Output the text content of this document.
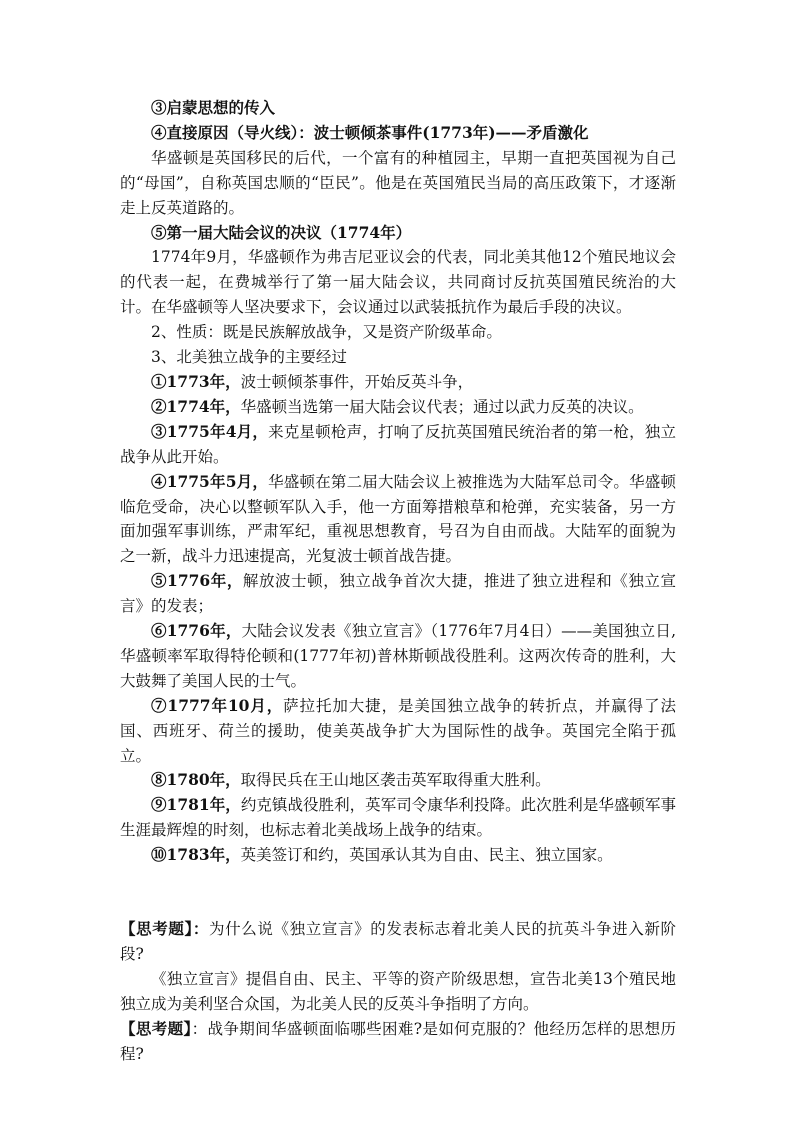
③启蒙思想的传入

④直接原因（导火线）：波士顿倾茶事件(1773年)——矛盾激化

华盛顿是英国移民的后代，一个富有的种植园主，早期一直把英国视为自己的“母国”，自称英国忠顺的“臣民”。他是在英国殖民当局的高压政策下，才逐渐走上反英道路的。

⑤第一届大陆会议的决议（1774年）

1774年9月，华盛顿作为弗吉尼亚议会的代表，同北美其他12个殖民地议会的代表一起，在费城举行了第一届大陆会议，共同商讨反抗英国殖民统治的大计。在华盛顿等人坚决要求下，会议通过以武装抵抗作为最后手段的决议。

2、性质：既是民族解放战争，又是资产阶级革命。

3、北美独立战争的主要经过

①1773年，波士顿倾茶事件，开始反英斗争，

②1774年，华盛顿当选第一届大陆会议代表；通过以武力反英的决议。

③1775年4月，来克星顿枪声，打响了反抗英国殖民统治者的第一枪，独立战争从此开始。

④1775年5月，华盛顿在第二届大陆会议上被推选为大陆军总司令。华盛顿临危受命，决心以整顿军队入手，他一方面筹措粮草和枪弹，充实装备，另一方面加强军事训练，严肃军纪，重视思想教育，号召为自由而战。大陆军的面貌为之一新，战斗力迅速提高，光复波士顿首战告捷。

⑤1776年，解放波士顿，独立战争首次大捷，推进了独立进程和《独立宣言》的发表；

⑥1776年，大陆会议发表《独立宣言》（1776年7月4日）——美国独立日,华盛顿率军取得特伦顿和(1777年初)普林斯顿战役胜利。这两次传奇的胜利，大大鼓舞了美国人民的士气。

⑦1777年10月，萨拉托加大捷，是美国独立战争的转折点，并赢得了法国、西班牙、荷兰的援助，使美英战争扩大为国际性的战争。英国完全陷于孤立。

⑧1780年，取得民兵在王山地区袭击英军取得重大胜利。

⑨1781年，约克镇战役胜利，英军司令康华利投降。此次胜利是华盛顿军事生涯最辉煌的时刻，也标志着北美战场上战争的结束。

⑩1783年，英美签订和约，英国承认其为自由、民主、独立国家。

【思考题】：为什么说《独立宣言》的发表标志着北美人民的抗英斗争进入新阶段?

《独立宣言》提倡自由、民主、平等的资产阶级思想，宣告北美13个殖民地独立成为美利坚合众国，为北美人民的反英斗争指明了方向。

【思考题】：战争期间华盛顿面临哪些困难?是如何克服的？他经历怎样的思想历程?
